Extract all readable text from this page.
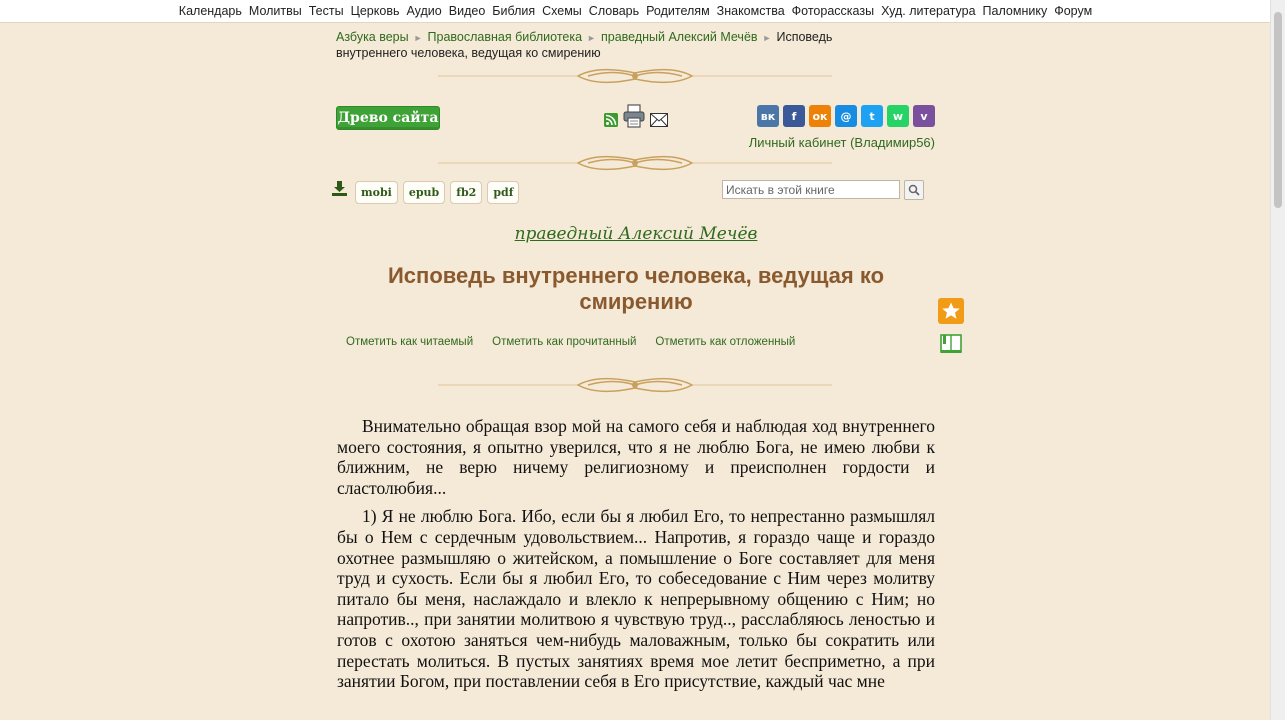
Календарь Молитвы Тесты Церковь Аудио Видео Библия Схемы Словарь Родителям Знакомства Фоторассказы Худ. литература Паломнику Форум
Азбука веры ► Православная библиотека ► праведный Алексий Мечёв ► Исповедь внутреннего человека, ведущая ко смирению
Древо сайта	вк	f	ок	@	t	w	v
Личный кабинет (Владимир56)
mobi	epub	fb2	pdf
Искать в этой книге
праведный Алексий Мечёв
Исповедь внутреннего человека, ведущая ко смирению
Отметить как читаемый Отметить как прочитанный Отметить как отложенный

Внимательно обращая взор мой на самого себя и наблюдая ход внутреннего моего состояния, я опытно уверился, что я не люблю Бога, не имею любви к ближним, не верю ничему религиозному и преисполнен гордости и сластолюбия...

1) Я не люблю Бога. Ибо, если бы я любил Его, то непрестанно размышлял бы о Нем с сердечным удовольствием... Напротив, я гораздо чаще и гораздо охотнее размышляю о житейском, а помышление о Боге составляет для меня труд и сухость. Если бы я любил Его, то собеседование с Ним через молитву питало бы меня, наслаждало и влекло к непрерывному общению с Ним; но напротив.., при занятии молитвою я чувствую труд.., расслабляюсь леностью и готов с охотою заняться чем-нибудь маловажным, только бы сократить или перестать молиться. В пустых занятиях время мое летит бесприметно, а при занятии Богом, при поставлении себя в Его присутствие, каждый час мне
